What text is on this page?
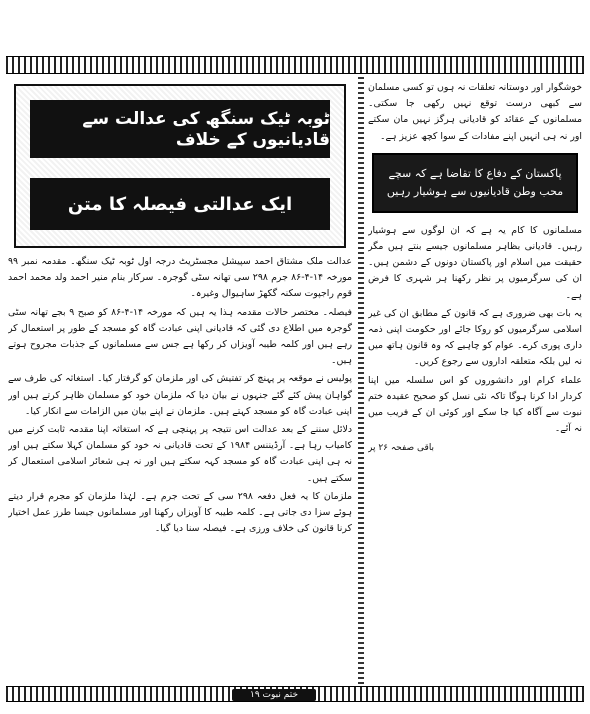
ٹوبہ ٹیک سنگھ کی عدالت سے قادیانیوں کے خلاف
ایک عدالتی فیصلہ کا متن

عدالت ملک مشتاق احمد سپیشل مجسٹریٹ درجہ اول ٹوبہ ٹیک سنگھ۔ مقدمہ نمبر ۹۹ مورخہ ۱۴-۴-۸۶ جرم ۲۹۸ سی تھانہ سٹی گوجرہ۔ سرکار بنام منیر احمد ولد محمد احمد قوم راجپوت سکنہ گکھڑ ساہیوال وغیرہ۔

فیصلہ۔ مختصر حالات مقدمہ ہذا یہ ہیں کہ مورخہ ۱۴-۴-۸۶ کو صبح ۹ بجے تھانہ سٹی گوجرہ میں اطلاع دی گئی کہ قادیانی اپنی عبادت گاہ کو مسجد کے طور پر استعمال کر رہے ہیں اور کلمہ طیبہ آویزاں کر رکھا ہے جس سے مسلمانوں کے جذبات مجروح ہوتے ہیں۔

پولیس نے موقعہ پر پہنچ کر تفتیش کی اور ملزمان کو گرفتار کیا۔ استغاثہ کی طرف سے گواہان پیش کئے گئے جنہوں نے بیان دیا کہ ملزمان خود کو مسلمان ظاہر کرتے ہیں اور اپنی عبادت گاہ کو مسجد کہتے ہیں۔ ملزمان نے اپنے بیان میں الزامات سے انکار کیا۔

دلائل سننے کے بعد عدالت اس نتیجہ پر پہنچی ہے کہ استغاثہ اپنا مقدمہ ثابت کرنے میں کامیاب رہا ہے۔ آرڈیننس ۱۹۸۴ کے تحت قادیانی نہ خود کو مسلمان کہلا سکتے ہیں اور نہ ہی اپنی عبادت گاہ کو مسجد کہہ سکتے ہیں اور نہ ہی شعائر اسلامی استعمال کر سکتے ہیں۔

ملزمان کا یہ فعل دفعہ ۲۹۸ سی کے تحت جرم ہے۔ لہٰذا ملزمان کو مجرم قرار دیتے ہوئے سزا دی جاتی ہے۔ کلمہ طیبہ کا آویزاں رکھنا اور مسلمانوں جیسا طرز عمل اختیار کرنا قانون کی خلاف ورزی ہے۔ فیصلہ سنا دیا گیا۔

خوشگوار اور دوستانہ تعلقات نہ ہوں تو کسی مسلمان سے کبھی درست توقع نہیں رکھی جا سکتی۔ مسلمانوں کے عقائد کو قادیانی ہرگز نہیں مان سکتے اور نہ ہی انہیں اپنے مفادات کے سوا کچھ عزیز ہے۔

پاکستان کے دفاع کا تقاضا ہے کہ سچے محب وطن قادیانیوں سے ہوشیار رہیں

مسلمانوں کا کام یہ ہے کہ ان لوگوں سے ہوشیار رہیں۔ قادیانی بظاہر مسلمانوں جیسے بنتے ہیں مگر حقیقت میں اسلام اور پاکستان دونوں کے دشمن ہیں۔ ان کی سرگرمیوں پر نظر رکھنا ہر شہری کا فرض ہے۔

یہ بات بھی ضروری ہے کہ قانون کے مطابق ان کی غیر اسلامی سرگرمیوں کو روکا جائے اور حکومت اپنی ذمہ داری پوری کرے۔ عوام کو چاہیے کہ وہ قانون ہاتھ میں نہ لیں بلکہ متعلقہ اداروں سے رجوع کریں۔

علماء کرام اور دانشوروں کو اس سلسلہ میں اپنا کردار ادا کرنا ہوگا تاکہ نئی نسل کو صحیح عقیدہ ختم نبوت سے آگاہ کیا جا سکے اور کوئی ان کے فریب میں نہ آئے۔

باقی صفحہ ۲۶ پر
ختم نبوت ۱۹
